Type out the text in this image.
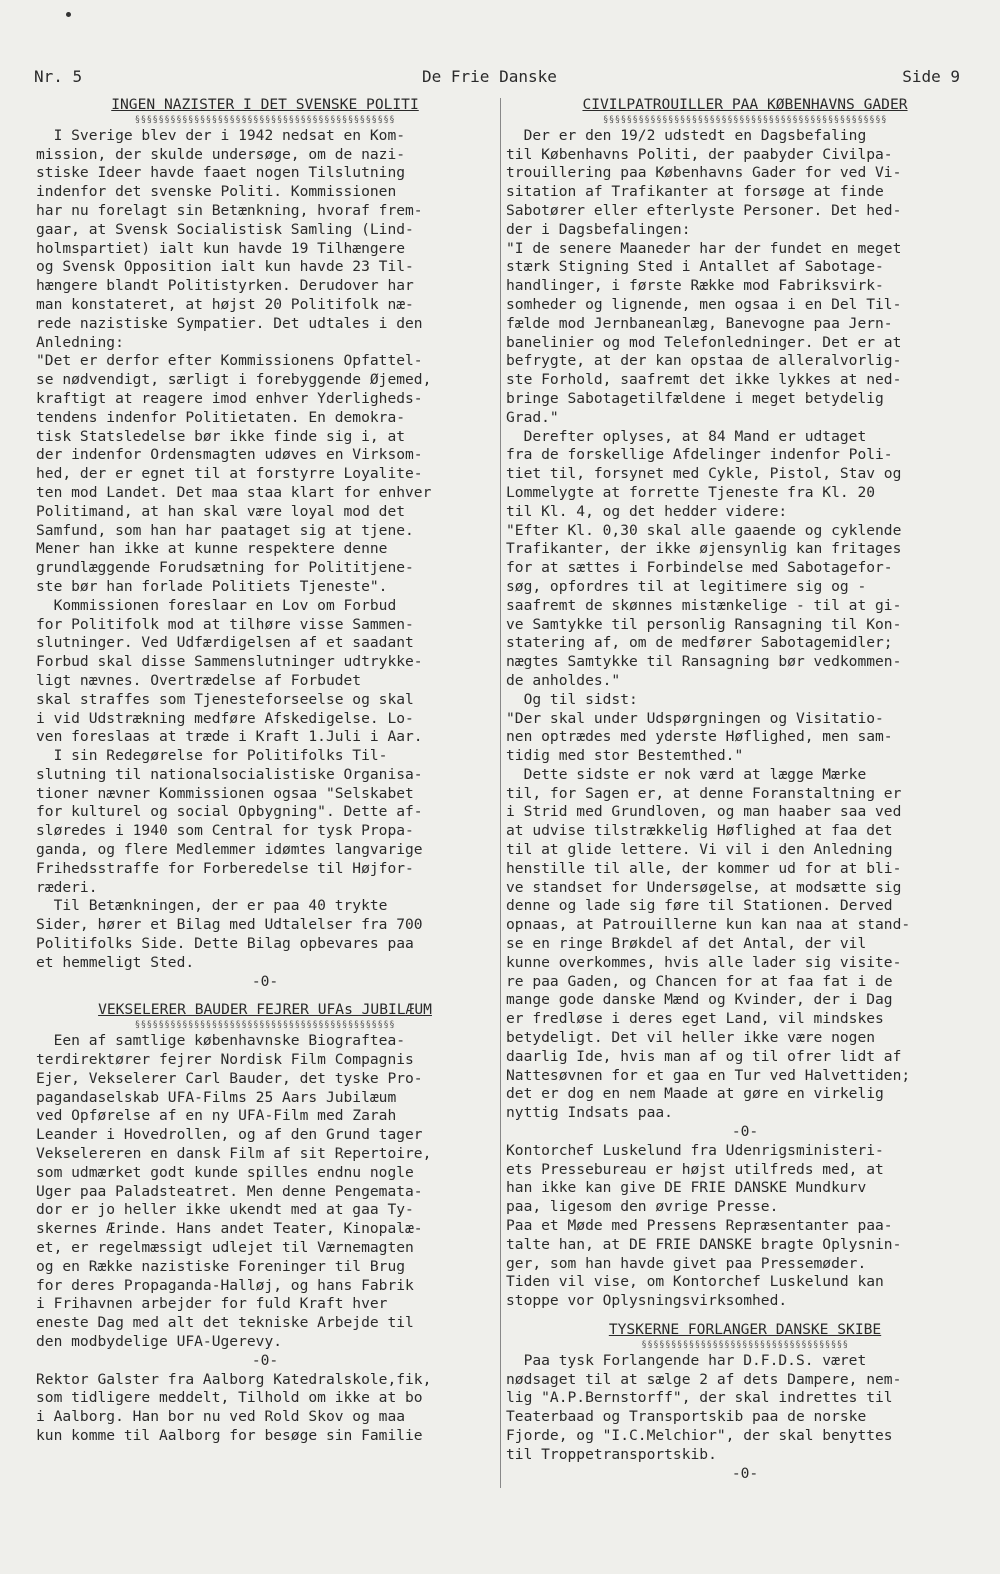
Nr. 5	De Frie Danske	Side 9

INGEN NAZISTER I DET SVENSKE POLITI

§§§§§§§§§§§§§§§§§§§§§§§§§§§§§§§§§§§§§§§§§§§§

I Sverige blev der i 1942 nedsat en Kom-
mission, der skulde undersøge, om de nazi-
stiske Ideer havde faaet nogen Tilslutning
indenfor det svenske Politi. Kommissionen
har nu forelagt sin Betænkning, hvoraf frem-
gaar, at Svensk Socialistisk Samling (Lind-
holmspartiet) ialt kun havde 19 Tilhængere
og Svensk Opposition ialt kun havde 23 Til-
hængere blandt Politistyrken. Derudover har
man konstateret, at højst 20 Politifolk næ-
rede nazistiske Sympatier. Det udtales i den
Anledning:

"Det er derfor efter Kommissionens Opfattel-
se nødvendigt, særligt i forebyggende Øjemed,
kraftigt at reagere imod enhver Yderligheds-
tendens indenfor Politietaten. En demokra-
tisk Statsledelse bør ikke finde sig i, at
der indenfor Ordensmagten udøves en Virksom-
hed, der er egnet til at forstyrre Loyalite-
ten mod Landet. Det maa staa klart for enhver
Politimand, at han skal være loyal mod det
Samfund, som han har paataget sig at tjene.
Mener han ikke at kunne respektere denne
grundlæggende Forudsætning for Polititjene-
ste bør han forlade Politiets Tjeneste".

Kommissionen foreslaar en Lov om Forbud
for Politifolk mod at tilhøre visse Sammen-
slutninger. Ved Udfærdigelsen af et saadant
Forbud skal disse Sammenslutninger udtrykke-
ligt nævnes. Overtrædelse af Forbudet
skal straffes som Tjenesteforseelse og skal
i vid Udstrækning medføre Afskedigelse. Lo-
ven foreslaas at træde i Kraft 1.Juli i Aar.

I sin Redegørelse for Politifolks Til-
slutning til nationalsocialistiske Organisa-
tioner nævner Kommissionen ogsaa "Selskabet
for kulturel og social Opbygning". Dette af-
sløredes i 1940 som Central for tysk Propa-
ganda, og flere Medlemmer idømtes langvarige
Frihedsstraffe for Forberedelse til Højfor-
ræderi.

Til Betænkningen, der er paa 40 trykte
Sider, hører et Bilag med Udtalelser fra 700
Politifolks Side. Dette Bilag opbevares paa
et hemmeligt Sted.

-0-

VEKSELERER BAUDER FEJRER UFAs JUBILÆUM

§§§§§§§§§§§§§§§§§§§§§§§§§§§§§§§§§§§§§§§§§§§§

Een af samtlige københavnske Biografteа-
terdirektører fejrer Nordisk Film Compagnis
Ejer, Vekselerer Carl Bauder, det tyske Pro-
pagandaselskab UFA-Films 25 Aars Jubilæum
ved Opførelse af en ny UFA-Film med Zarah
Leander i Hovedrollen, og af den Grund tager
Vekselereren en dansk Film af sit Repertoire,
som udmærket godt kunde spilles endnu nogle
Uger paa Paladsteatret. Men denne Pengemata-
dor er jo heller ikke ukendt med at gaa Ty-
skernes Ærinde. Hans andet Teater, Kinopalæ-
et, er regelmæssigt udlejet til Værnemagten
og en Række nazistiske Foreninger til Brug
for deres Propaganda-Halløj, og hans Fabrik
i Frihavnen arbejder for fuld Kraft hver
eneste Dag med alt det tekniske Arbejde til
den modbydelige UFA-Ugerevy.

-0-

Rektor Galster fra Aalborg Katedralskole,fik,
som tidligere meddelt, Tilhold om ikke at bo
i Aalborg. Han bor nu ved Rold Skov og maa
kun komme til Aalborg for besøge sin Familie

CIVILPATROUILLER PAA KØBENHAVNS GADER

§§§§§§§§§§§§§§§§§§§§§§§§§§§§§§§§§§§§§§§§§§§§§§§§

Der er den 19/2 udstedt en Dagsbefaling
til Københavns Politi, der paabyder Civilpa-
trouillering paa Københavns Gader for ved Vi-
sitation af Trafikanter at forsøge at finde
Sabotører eller efterlyste Personer. Det hed-
der i Dagsbefalingen:

"I de senere Maaneder har der fundet en meget
stærk Stigning Sted i Antallet af Sabotage-
handlinger, i første Række mod Fabriksvirk-
somheder og lignende, men ogsaa i en Del Til-
fælde mod Jernbaneanlæg, Banevogne paa Jern-
banelinier og mod Telefonledninger. Det er at
befrygte, at der kan opstaa de alleralvorlig-
ste Forhold, saafremt det ikke lykkes at ned-
bringe Sabotagetilfældene i meget betydelig
Grad."

Derefter oplyses, at 84 Mand er udtaget
fra de forskellige Afdelinger indenfor Poli-
tiet til, forsynet med Cykle, Pistol, Stav og
Lommelygte at forrette Tjeneste fra Kl. 20
til Kl. 4, og det hedder videre:

"Efter Kl. 0,30 skal alle gaaende og cyklende
Trafikanter, der ikke øjensynlig kan fritages
for at sættes i Forbindelse med Sabotagefor-
søg, opfordres til at legitimere sig og -
saafremt de skønnes mistænkelige - til at gi-
ve Samtykke til personlig Ransagning til Kon-
statering af, om de medfører Sabotagemidler;
nægtes Samtykke til Ransagning bør vedkommen-
de anholdes."

Og til sidst:

"Der skal under Udspørgningen og Visitatio-
nen optrædes med yderste Høflighed, men sam-
tidig med stor Bestemthed."

Dette sidste er nok værd at lægge Mærke
til, for Sagen er, at denne Foranstaltning er
i Strid med Grundloven, og man haaber saa ved
at udvise tilstrækkelig Høflighed at faa det
til at glide lettere. Vi vil i den Anledning
henstille til alle, der kommer ud for at bli-
ve standset for Undersøgelse, at modsætte sig
denne og lade sig føre til Stationen. Derved
opnaas, at Patrouillerne kun kan naa at stand-
se en ringe Brøkdel af det Antal, der vil
kunne overkommes, hvis alle lader sig visite-
re paa Gaden, og Chancen for at faa fat i de
mange gode danske Mænd og Kvinder, der i Dag
er fredløse i deres eget Land, vil mindskes
betydeligt. Det vil heller ikke være nogen
daarlig Ide, hvis man af og til ofrer lidt af
Nattesøvnen for et gaa en Tur ved Halvettiden;
det er dog en nem Maade at gøre en virkelig
nyttig Indsats paa.

-0-

Kontorchef Luskelund fra Udenrigsministeri-
ets Pressebureau er højst utilfreds med, at
han ikke kan give DE FRIE DANSKE Mundkurv
paa, ligesom den øvrige Presse.
Paa et Møde med Pressens Repræsentanter paa-
talte han, at DE FRIE DANSKE bragte Oplysnin-
ger, som han havde givet paa Pressemøder.
Tiden vil vise, om Kontorchef Luskelund kan
stoppe vor Oplysningsvirksomhed.

TYSKERNE FORLANGER DANSKE SKIBE

§§§§§§§§§§§§§§§§§§§§§§§§§§§§§§§§§§§

Paa tysk Forlangende har D.F.D.S. været
nødsaget til at sælge 2 af dets Dampere, nem-
lig "A.P.Bernstorff", der skal indrettes til
Teaterbaad og Transportskib paa de norske
Fjorde, og "I.C.Melchior", der skal benyttes
til Troppetransportskib.

-0-
